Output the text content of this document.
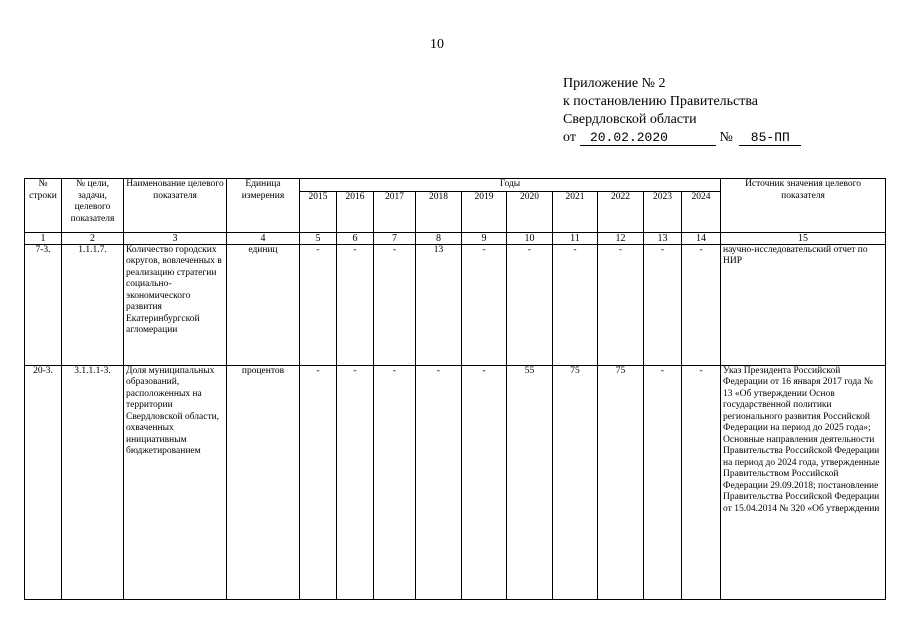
10
Приложение № 2
к постановлению Правительства
Свердловской области
от 20.02.2020	№ 85-ПП
№ строки	№ цели, задачи, целевого показателя	Наименование целевого показателя	Единица измерения	Годы										Источник значения целевого показателя
				2015	2016	2017	2018	2019	2020	2021	2022	2023	2024	
1	2	3	4	5	6	7	8	9	10	11	12	13	14	15
7-3.	1.1.1.7.	Количество городских округов, вовлеченных в реализацию стратегии социально-экономического развития Екатеринбургской агломерации	единиц	-	-	-	13	-	-	-	-	-	-	научно-исследовательский отчет по НИР
20-3.	3.1.1.1-3.	Доля муниципальных образований, расположенных на территории Свердловской области, охваченных инициативным бюджетированием	процентов	-	-	-	-	-	55	75	75	-	-	Указ Президента Российской Федерации от 16 января 2017 года № 13 «Об утверждении Основ государственной политики регионального развития Российской Федерации на период до 2025 года»; Основные направления деятельности Правительства Российской Федерации на период до 2024 года, утвержденные Правительством Российской Федерации 29.09.2018; постановление Правительства Российской Федерации от 15.04.2014 № 320 «Об утверждении
